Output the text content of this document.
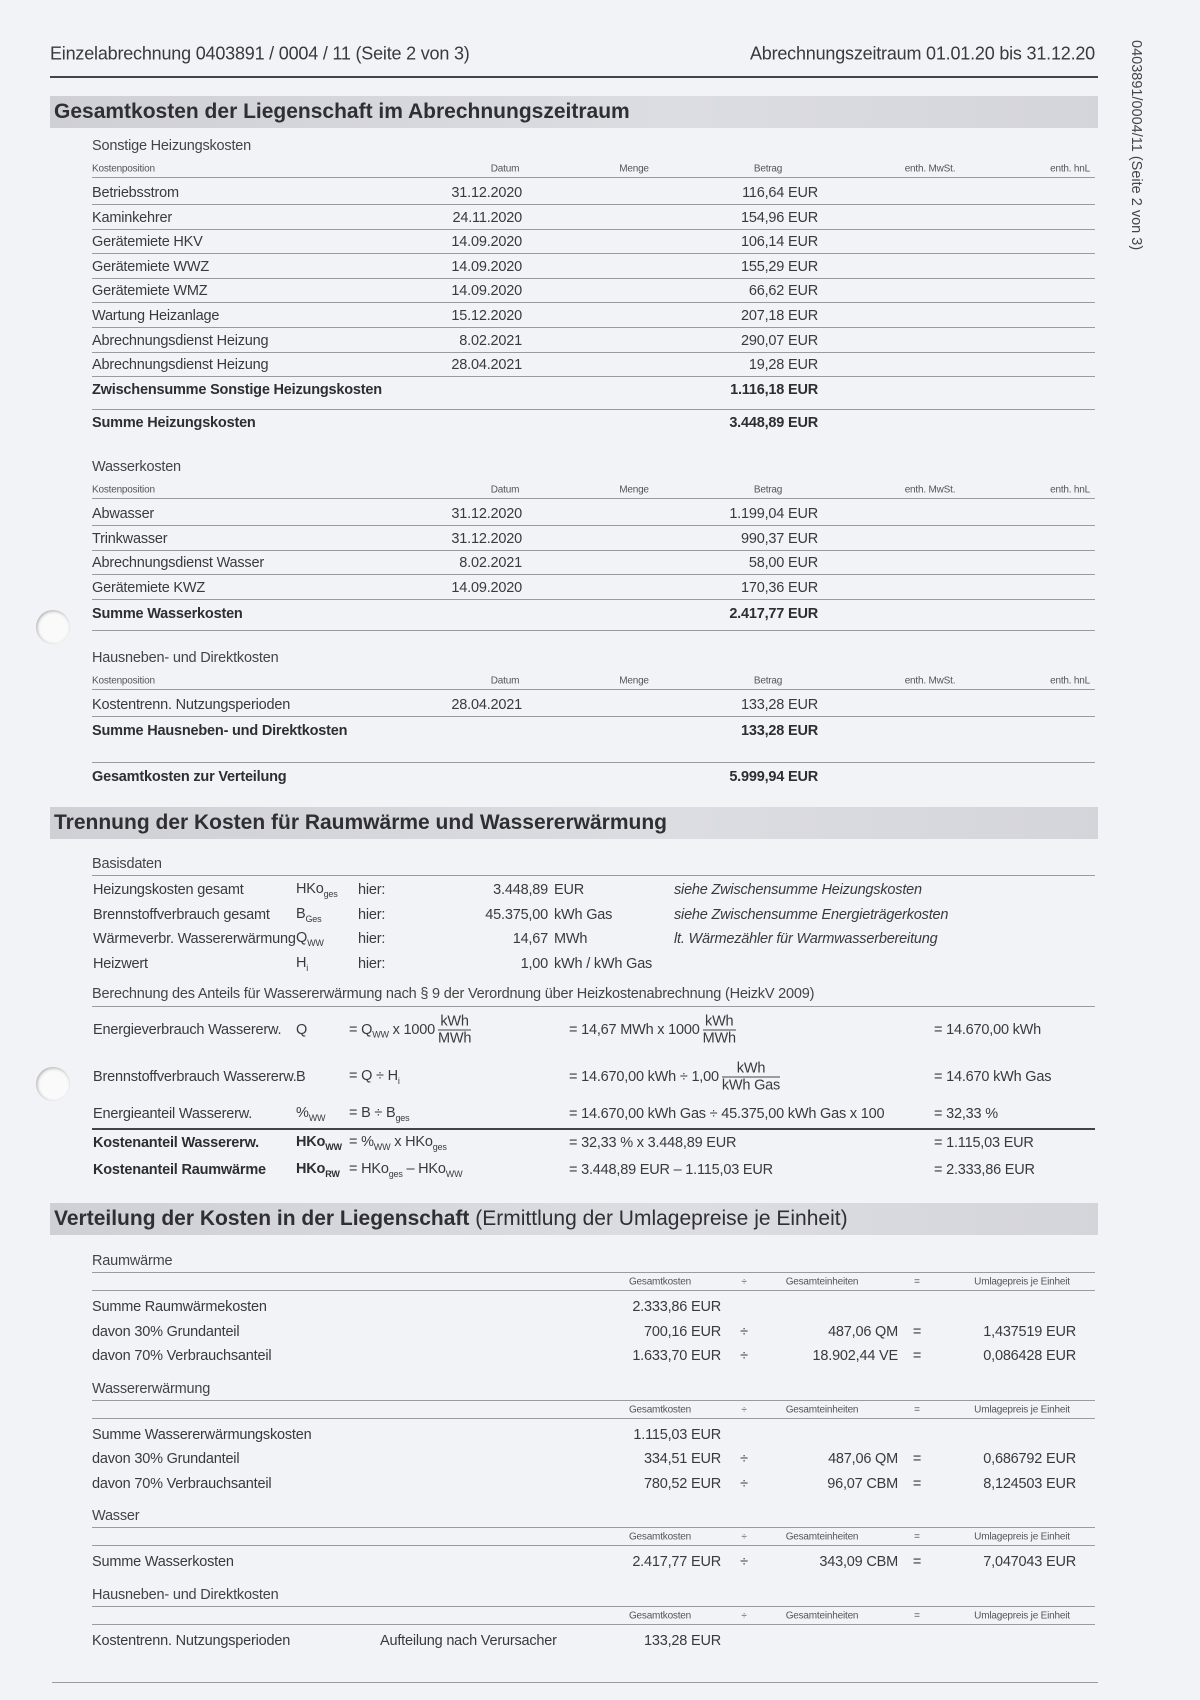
0403891/0004/11 (Seite 2 von 3)
Einzelabrechnung 0403891 / 0004 / 11 (Seite 2 von 3)	Abrechnungszeitraum 01.01.20 bis 31.12.20
Gesamtkosten der Liegenschaft im Abrechnungszeitraum
Sonstige Heizungskosten
Kostenposition	Datum	Menge	Betrag	enth. MwSt.	enth. hnL
Betriebsstrom	31.12.2020	116,64 EUR
Kaminkehrer	24.11.2020	154,96 EUR
Gerätemiete HKV	14.09.2020	106,14 EUR
Gerätemiete WWZ	14.09.2020	155,29 EUR
Gerätemiete WMZ	14.09.2020	66,62 EUR
Wartung Heizanlage	15.12.2020	207,18 EUR
Abrechnungsdienst Heizung	8.02.2021	290,07 EUR
Abrechnungsdienst Heizung	28.04.2021	19,28 EUR
Zwischensumme Sonstige Heizungskosten	1.116,18 EUR
Summe Heizungskosten	3.448,89 EUR
Wasserkosten
Kostenposition	Datum	Menge	Betrag	enth. MwSt.	enth. hnL
Abwasser	31.12.2020	1.199,04 EUR
Trinkwasser	31.12.2020	990,37 EUR
Abrechnungsdienst Wasser	8.02.2021	58,00 EUR
Gerätemiete KWZ	14.09.2020	170,36 EUR
Summe Wasserkosten	2.417,77 EUR
Hausneben- und Direktkosten
Kostenposition	Datum	Menge	Betrag	enth. MwSt.	enth. hnL
Kostentrenn. Nutzungsperioden	28.04.2021	133,28 EUR
Summe Hausneben- und Direktkosten	133,28 EUR
Gesamtkosten zur Verteilung	5.999,94 EUR
Trennung der Kosten für Raumwärme und Wassererwärmung
Basisdaten
Heizungskosten gesamt	HKo$_{ges}$ hier:	3.448,89 EUR	siehe Zwischensumme Heizungskosten
Brennstoffverbrauch gesamt $B_{Ges}$	hier:	45.375,00 kWh Gas	siehe Zwischensumme Energieträgerkosten
Wärmeverbr. Wassererwärmung $Q_{WW}$ hier:	14,67 MWh	lt. Wärmezähler für Warmwasserbereitung
Heizwert	$H_i$	hier:	1,00 kWh / kWh Gas
Berechnung des Anteils für Wassererwärmung nach § 9 der Verordnung über Heizkostenabrechnung (HeizkV 2009)
Energieverbrauch Wassererw. Q	= $Q_{WW}$ x $1000 \frac{\text{kWh}}{\text{MWh}}$	= 14,67 MWh x $1000 \frac{\text{kWh}}{\text{MWh}}$	= 14.670,00 kWh
Brennstoffverbrauch Wassererw. B	= $Q \div H_i$	= 14.670,00 kWh ÷ $1,00 \frac{\text{kWh}}{\text{kWh Gas}}$	= 14.670 kWh Gas
Energieanteil Wassererw.	$\%_{WW} = B \div B_{ges}$	= 14.670,00 kWh Gas ÷ 45.375,00 kWh Gas x 100	= 32,33 %
Kostenanteil Wassererw.	$HKo_{WW} = \%_{WW}$ x HKo$_{ges}$	= 32,33 % x 3.448,89 EUR	= 1.115,03 EUR
Kostenanteil Raumwärme HKo$_{RW}$ = HKo$_{ges}$ – HKo$_{WW}$	= 3.448,89 EUR – 1.115,03 EUR	= 2.333,86 EUR
Verteilung der Kosten in der Liegenschaft (Ermittlung der Umlagepreise je Einheit)
Raumwärme
Gesamtkosten	÷	Gesamteinheiten	=	Umlagepreis je Einheit
Summe Raumwärmekosten	2.333,86 EUR
davon 30% Grundanteil	700,16 EUR ÷	487,06 QM =	1,437519 EUR
davon 70% Verbrauchsanteil	1.633,70 EUR ÷	18.902,44 VE =	0,086428 EUR
Wassererwärmung
Gesamtkosten	÷	Gesamteinheiten	=	Umlagepreis je Einheit
Summe Wassererwärmungskosten	1.115,03 EUR
davon 30% Grundanteil	334,51 EUR ÷	487,06 QM =	0,686792 EUR
davon 70% Verbrauchsanteil	780,52 EUR ÷	96,07 CBM =	8,124503 EUR
Wasser
Gesamtkosten	÷	Gesamteinheiten	=	Umlagepreis je Einheit
Summe Wasserkosten	2.417,77 EUR ÷	343,09 CBM =	7,047043 EUR
Hausneben- und Direktkosten
Gesamtkosten	÷	Gesamteinheiten	=	Umlagepreis je Einheit
Kostentrenn. Nutzungsperioden	Aufteilung nach Verursacher	133,28 EUR
